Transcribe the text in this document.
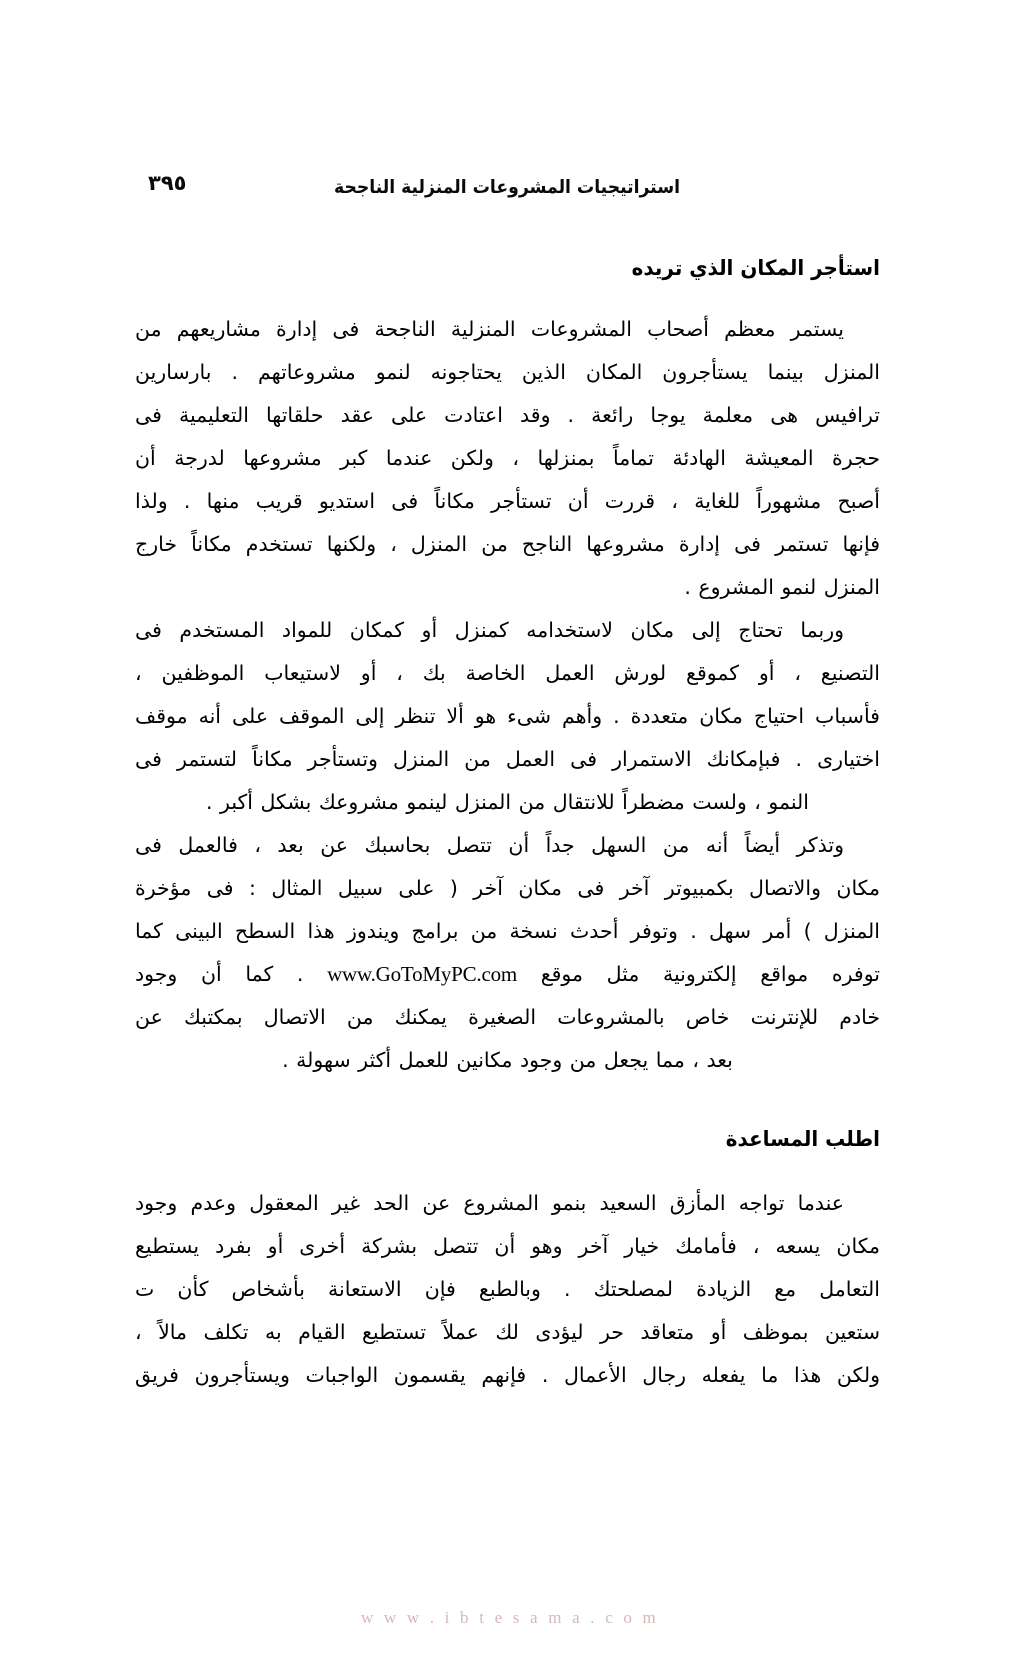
استراتيجيات المشروعات المنزلية الناجحة
٣٩٥
استأجر المكان الذي تريده

يستمر معظم أصحاب المشروعات المنزلية الناجحة فى إدارة مشاريعهم من
المنزل بينما يستأجرون المكان الذين يحتاجونه لنمو مشروعاتهم . بارسارين
ترافيس هى معلمة يوجا رائعة . وقد اعتادت على عقد حلقاتها التعليمية فى
حجرة المعيشة الهادئة تماماً بمنزلها ، ولكن عندما كبر مشروعها لدرجة أن
أصبح مشهوراً للغاية ، قررت أن تستأجر مكاناً فى استديو قريب منها . ولذا
فإنها تستمر فى إدارة مشروعها الناجح من المنزل ، ولكنها تستخدم مكاناً خارج
المنزل لنمو المشروع .

وربما تحتاج إلى مكان لاستخدامه كمنزل أو كمكان للمواد المستخدم فى
التصنيع ، أو كموقع لورش العمل الخاصة بك ، أو لاستيعاب الموظفين ،
فأسباب احتياج مكان متعددة . وأهم شىء هو ألا تنظر إلى الموقف على أنه موقف
اختيارى . فبإمكانك الاستمرار فى العمل من المنزل وتستأجر مكاناً لتستمر فى
النمو ، ولست مضطراً للانتقال من المنزل لينمو مشروعك بشكل أكبر .

وتذكر أيضاً أنه من السهل جداً أن تتصل بحاسبك عن بعد ، فالعمل فى
مكان والاتصال بكمبيوتر آخر فى مكان آخر ( على سبيل المثال : فى مؤخرة
المنزل ) أمر سهل . وتوفر أحدث نسخة من برامج ويندوز هذا السطح البينى كما
توفره مواقع إلكترونية مثل موقع www.GoToMyPC.com . كما أن وجود
خادم للإنترنت خاص بالمشروعات الصغيرة يمكنك من الاتصال بمكتبك عن
بعد ، مما يجعل من وجود مكانين للعمل أكثر سهولة .

اطلب المساعدة

عندما تواجه المأزق السعيد بنمو المشروع عن الحد غير المعقول وعدم وجود
مكان يسعه ، فأمامك خيار آخر وهو أن تتصل بشركة أخرى أو بفرد يستطيع
التعامل مع الزيادة لمصلحتك . وبالطبع فإن الاستعانة بأشخاص كأن ت
ستعين بموظف أو متعاقد حر ليؤدى لك عملاً تستطيع القيام به تكلف مالاً ،
ولكن هذا ما يفعله رجال الأعمال . فإنهم يقسمون الواجبات ويستأجرون فريق

w w w . i b t e s a m a . c o m
